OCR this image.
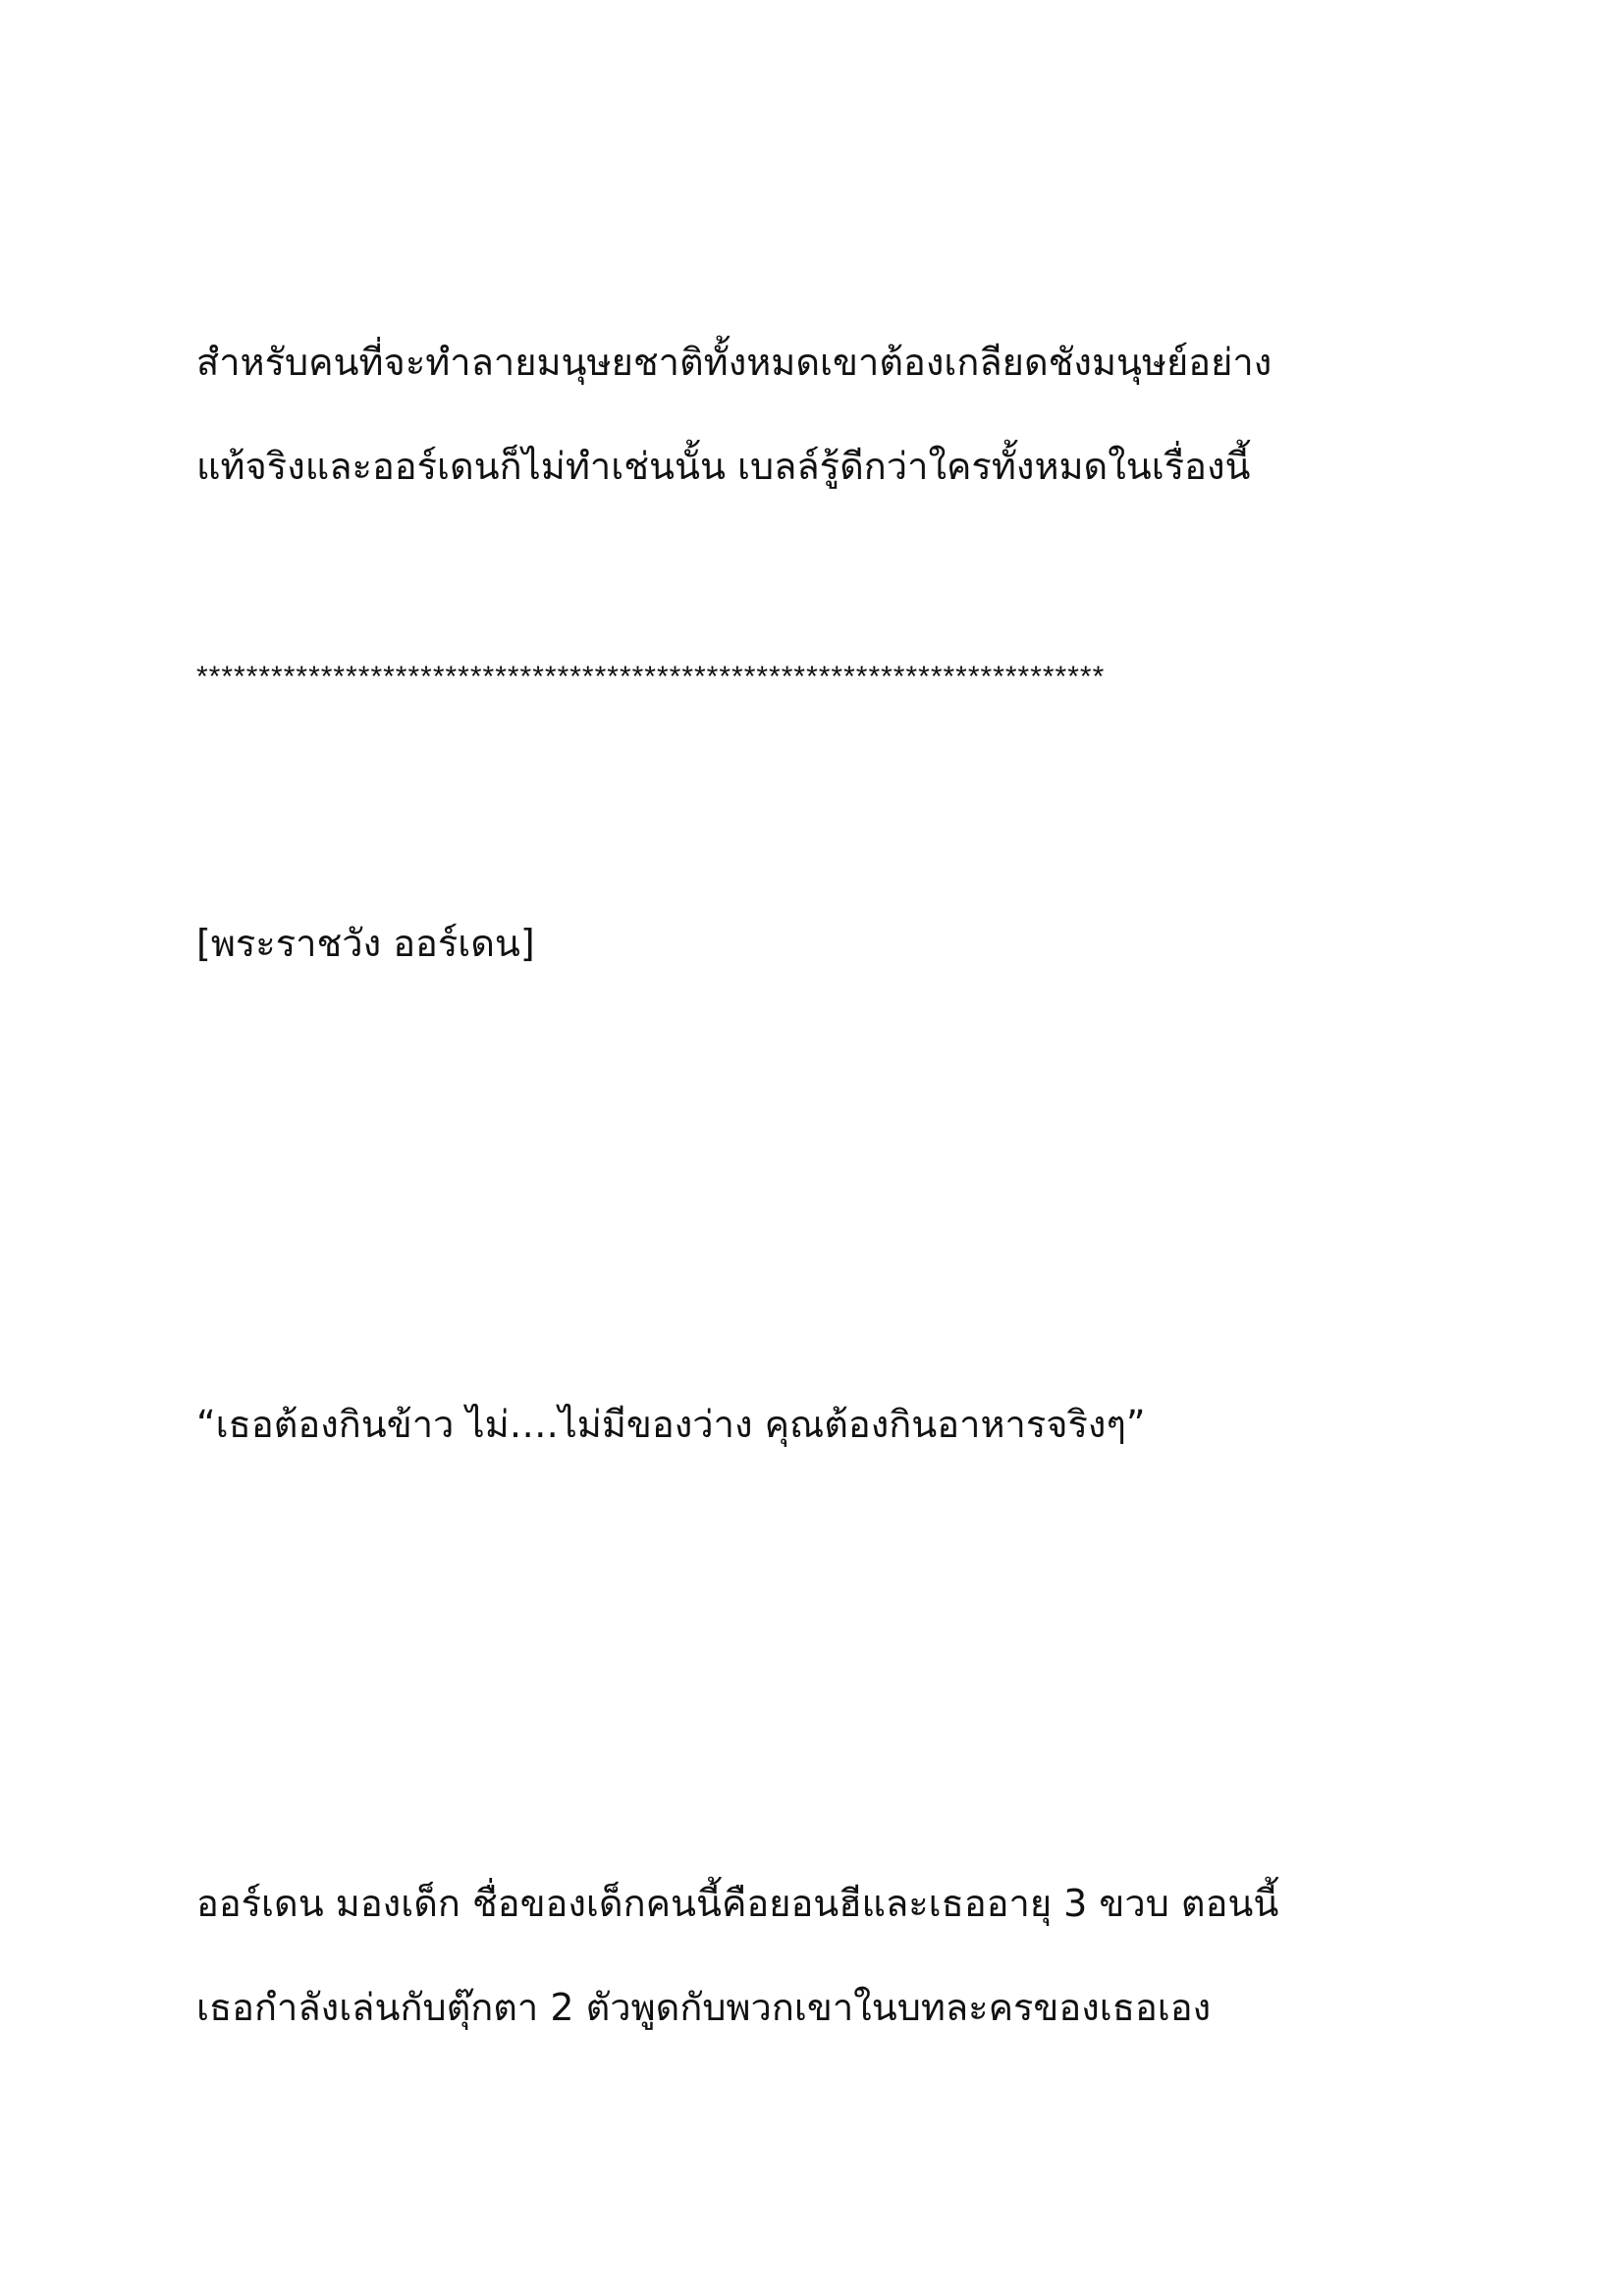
สำหรับคนที่จะทำลายมนุษยชาติทั้งหมดเขาต้องเกลียดชังมนุษย์อย่าง
แท้จริงและออร์เดนก็ไม่ทำเช่นนั้น เบลล์รู้ดีกว่าใครทั้งหมดในเรื่องนี้

*************************************************************************

[พระราชวัง ออร์เดน]

“เธอต้องกินข้าว ไม่….ไม่มีของว่าง คุณต้องกินอาหารจริงๆ”

ออร์เดน มองเด็ก ชื่อของเด็กคนนี้คือยอนฮีและเธออายุ 3 ขวบ ตอนนี้
เธอกำลังเล่นกับตุ๊กตา 2 ตัวพูดกับพวกเขาในบทละครของเธอเอง
